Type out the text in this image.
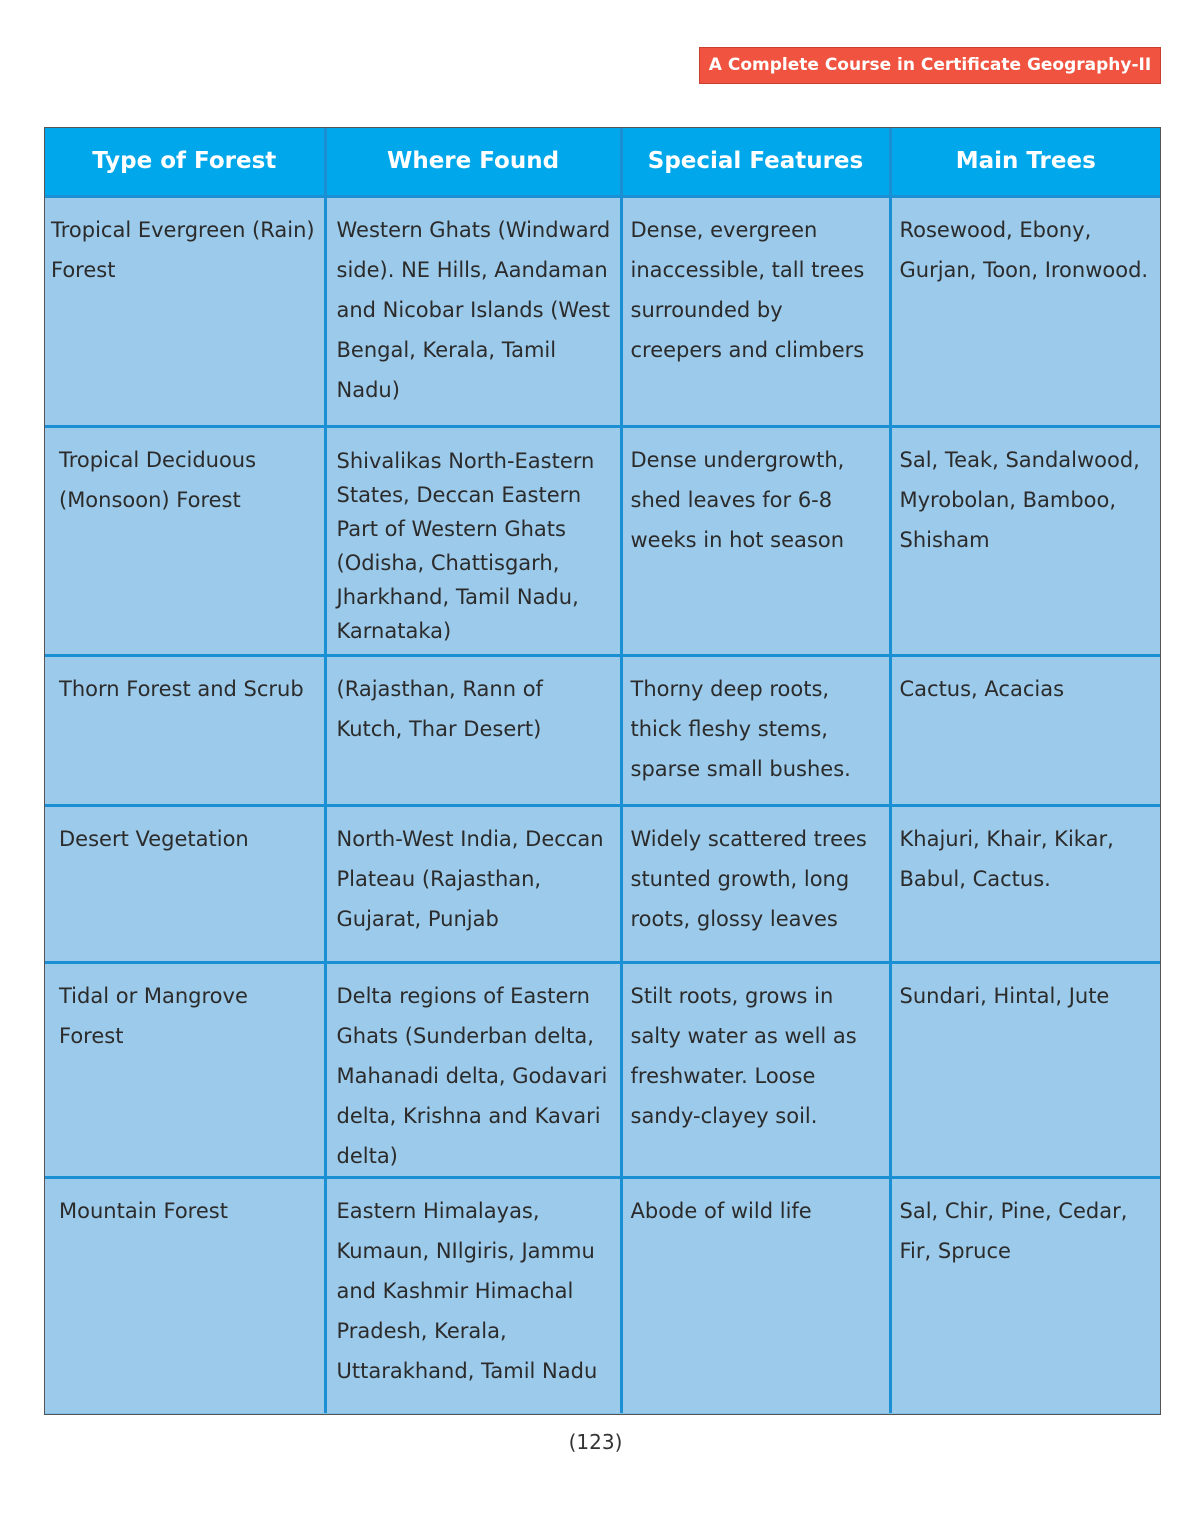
A Complete Course in Certificate Geography-II
Type of Forest	Where Found	Special Features	Main Trees

Tropical Evergreen (Rain) Forest	Western Ghats (Windward side). NE Hills, Aandaman and Nicobar Islands (West Bengal, Kerala, Tamil Nadu)	Dense, evergreen inaccessible, tall trees surrounded by creepers and climbers	Rosewood, Ebony, Gurjan, Toon, Ironwood.

Tropical Deciduous (Monsoon) Forest	Shivalikas North-Eastern States, Deccan Eastern Part of Western Ghats (Odisha, Chattisgarh, Jharkhand, Tamil Nadu, Karnataka)	Dense undergrowth, shed leaves for 6-8 weeks in hot season	Sal, Teak, Sandalwood, Myrobolan, Bamboo, Shisham

Thorn Forest and Scrub	(Rajasthan, Rann of Kutch, Thar Desert)	Thorny deep roots, thick fleshy stems, sparse small bushes.	Cactus, Acacias

Desert Vegetation	North-West India, Deccan Plateau (Rajasthan, Gujarat, Punjab	Widely scattered trees stunted growth, long roots, glossy leaves	Khajuri, Khair, Kikar, Babul, Cactus.

Tidal or Mangrove Forest	Delta regions of Eastern Ghats (Sunderban delta, Mahanadi delta, Godavari delta, Krishna and Kavari delta)	Stilt roots, grows in salty water as well as freshwater. Loose sandy-clayey soil.	Sundari, Hintal, Jute

Mountain Forest	Eastern Himalayas, Kumaun, NIlgiris, Jammu and Kashmir Himachal Pradesh, Kerala, Uttarakhand, Tamil Nadu	Abode of wild life	Sal, Chir, Pine, Cedar, Fir, Spruce
(123)
